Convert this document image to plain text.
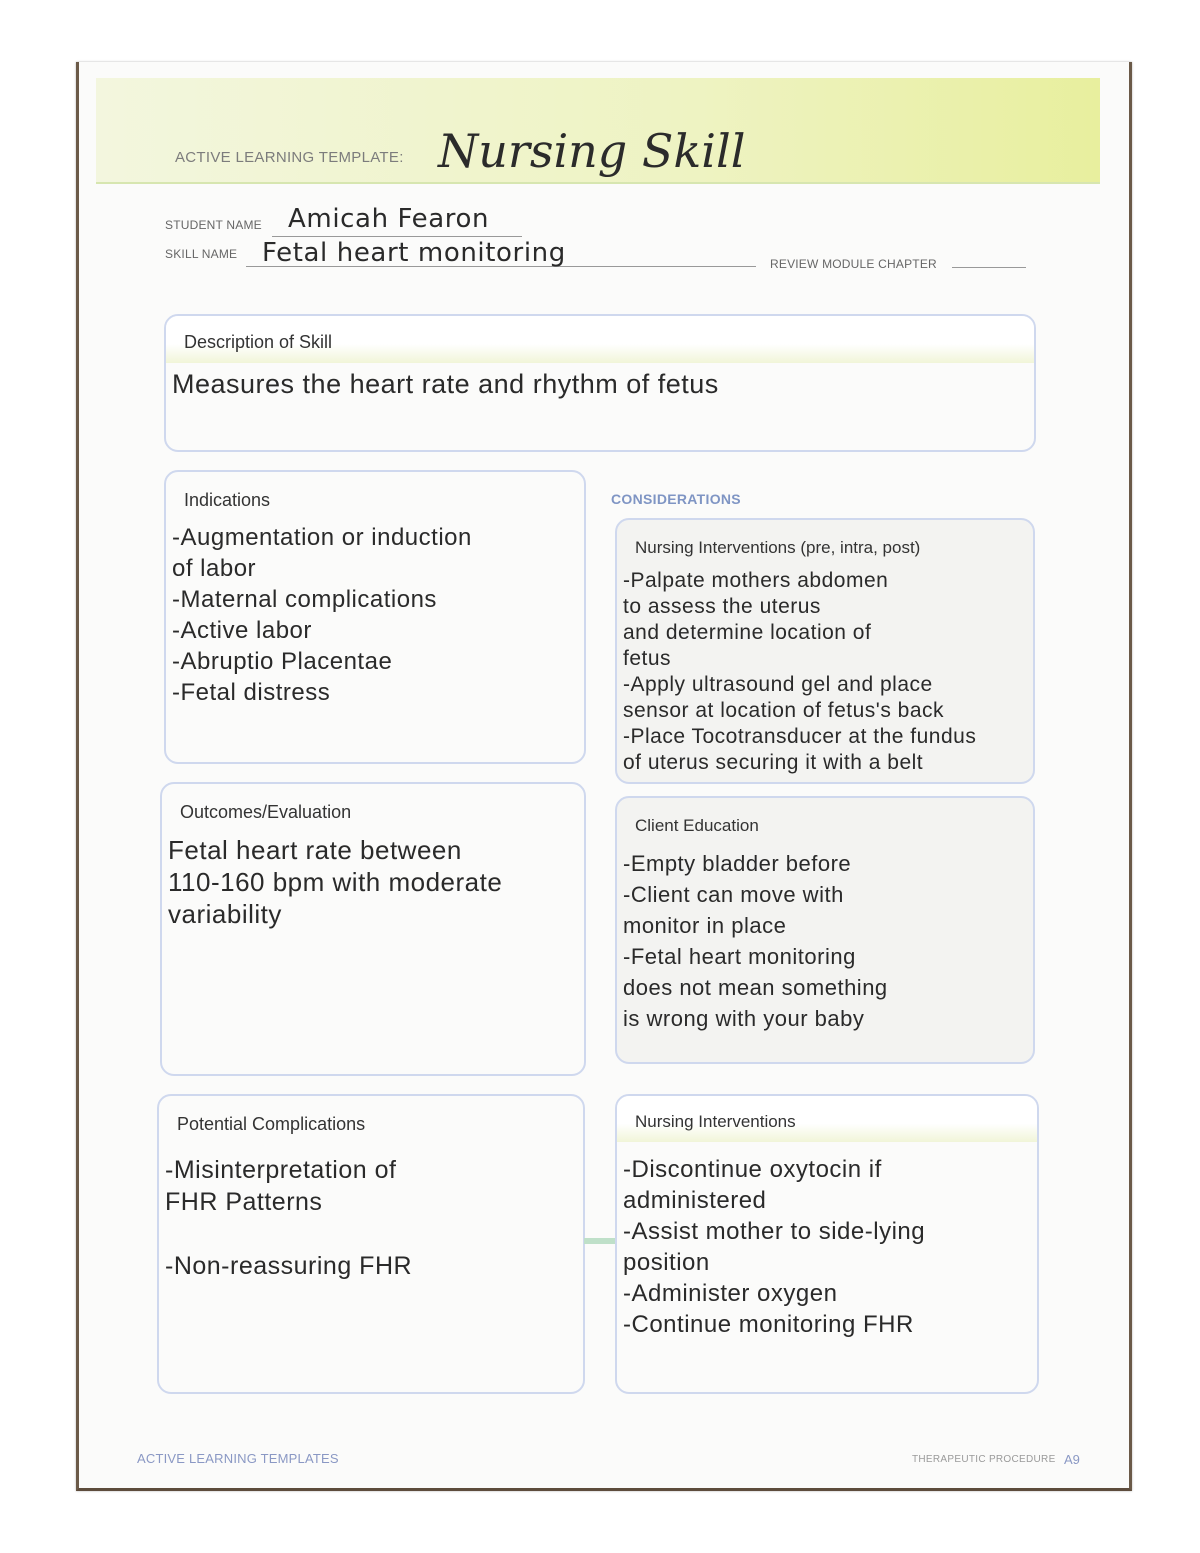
ACTIVE LEARNING TEMPLATE: Nursing Skill
STUDENT NAME Amicah Fearon
SKILL NAME Fetal heart monitoring	REVIEW MODULE CHAPTER
Description of Skill
Measures the heart rate and rhythm of fetus
Indications
-Augmentation or induction
of labor
-Maternal complications
-Active labor
-Abruptio Placentae
-Fetal distress
CONSIDERATIONS
Nursing Interventions (pre, intra, post)
-Palpate mothers abdomen
to assess the uterus
and determine location of
fetus
-Apply ultrasound gel and place
sensor at location of fetus's back
-Place Tocotransducer at the fundus
of uterus securing it with a belt
Outcomes/Evaluation
Fetal heart rate between
110-160 bpm with moderate
variability
Client Education
-Empty bladder before
-Client can move with
monitor in place
-Fetal heart monitoring
does not mean something
is wrong with your baby
Potential Complications
-Misinterpretation of
FHR Patterns

-Non-reassuring FHR
Nursing Interventions
-Discontinue oxytocin if
administered
-Assist mother to side-lying
position
-Administer oxygen
-Continue monitoring FHR
ACTIVE LEARNING TEMPLATES	THERAPEUTIC PROCEDURE A9
